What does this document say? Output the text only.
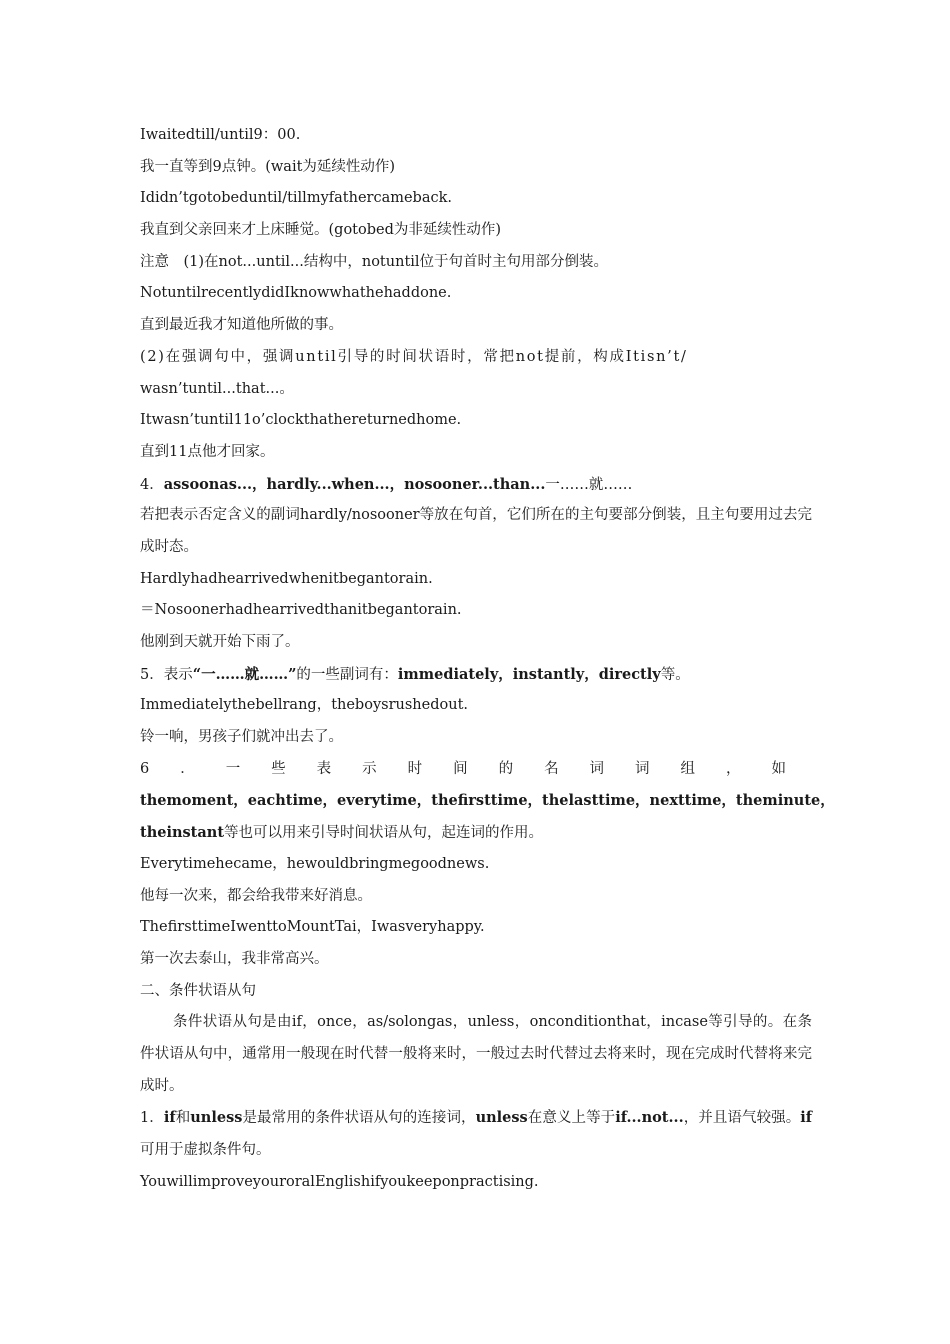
Iwaitedtill/until9：00.
我一直等到9点钟。(wait为延续性动作)
Ididn’tgotobeduntil/tillmyfathercameback.
我直到父亲回来才上床睡觉。(gotobed为非延续性动作)
注意　(1)在not...until...结构中，notuntil位于句首时主句用部分倒装。
NotuntilrecentlydidIknowwhathehaddone.
直到最近我才知道他所做的事。
(2)在强调句中，强调until引导的时间状语时，常把not提前，构成Itisn’t/
wasn’tuntil...that...。
Itwasn’tuntil11o’clockthathereturnedhome.
直到11点他才回家。
4．assoonas...，hardly...when...，nosooner...than...一……就……
若把表示否定含义的副词hardly/nosooner等放在句首，它们所在的主句要部分倒装，且主句要用过去完成时态。
Hardlyhadhearrivedwhenitbegantorain.
＝Nosoonerhadhearrivedthanitbegantorain.
他刚到天就开始下雨了。
5．表示“一……就……”的一些副词有：immediately，instantly，directly等。
Immediatelythebellrang，theboysrushedout.
铃一响，男孩子们就冲出去了。
6．一些表示时间的名词词组，如
themoment，eachtime，everytime，thefirsttime，thelasttime，nexttime，theminute，
theinstant等也可以用来引导时间状语从句，起连词的作用。
Everytimehecame，hewouldbringmegoodnews.
他每一次来，都会给我带来好消息。
ThefirsttimeIwenttoMountTai，Iwasveryhappy.
第一次去泰山，我非常高兴。
二、条件状语从句
条件状语从句是由if，once，as/solongas，unless，onconditionthat，incase等引导的。在条件状语从句中，通常用一般现在时代替一般将来时，一般过去时代替过去将来时，现在完成时代替将来完成时。
1．if和unless是最常用的条件状语从句的连接词，unless在意义上等于if...not...，并且语气较强。if可用于虚拟条件句。
YouwillimproveyouroralEnglishifyoukeeponpractising.
